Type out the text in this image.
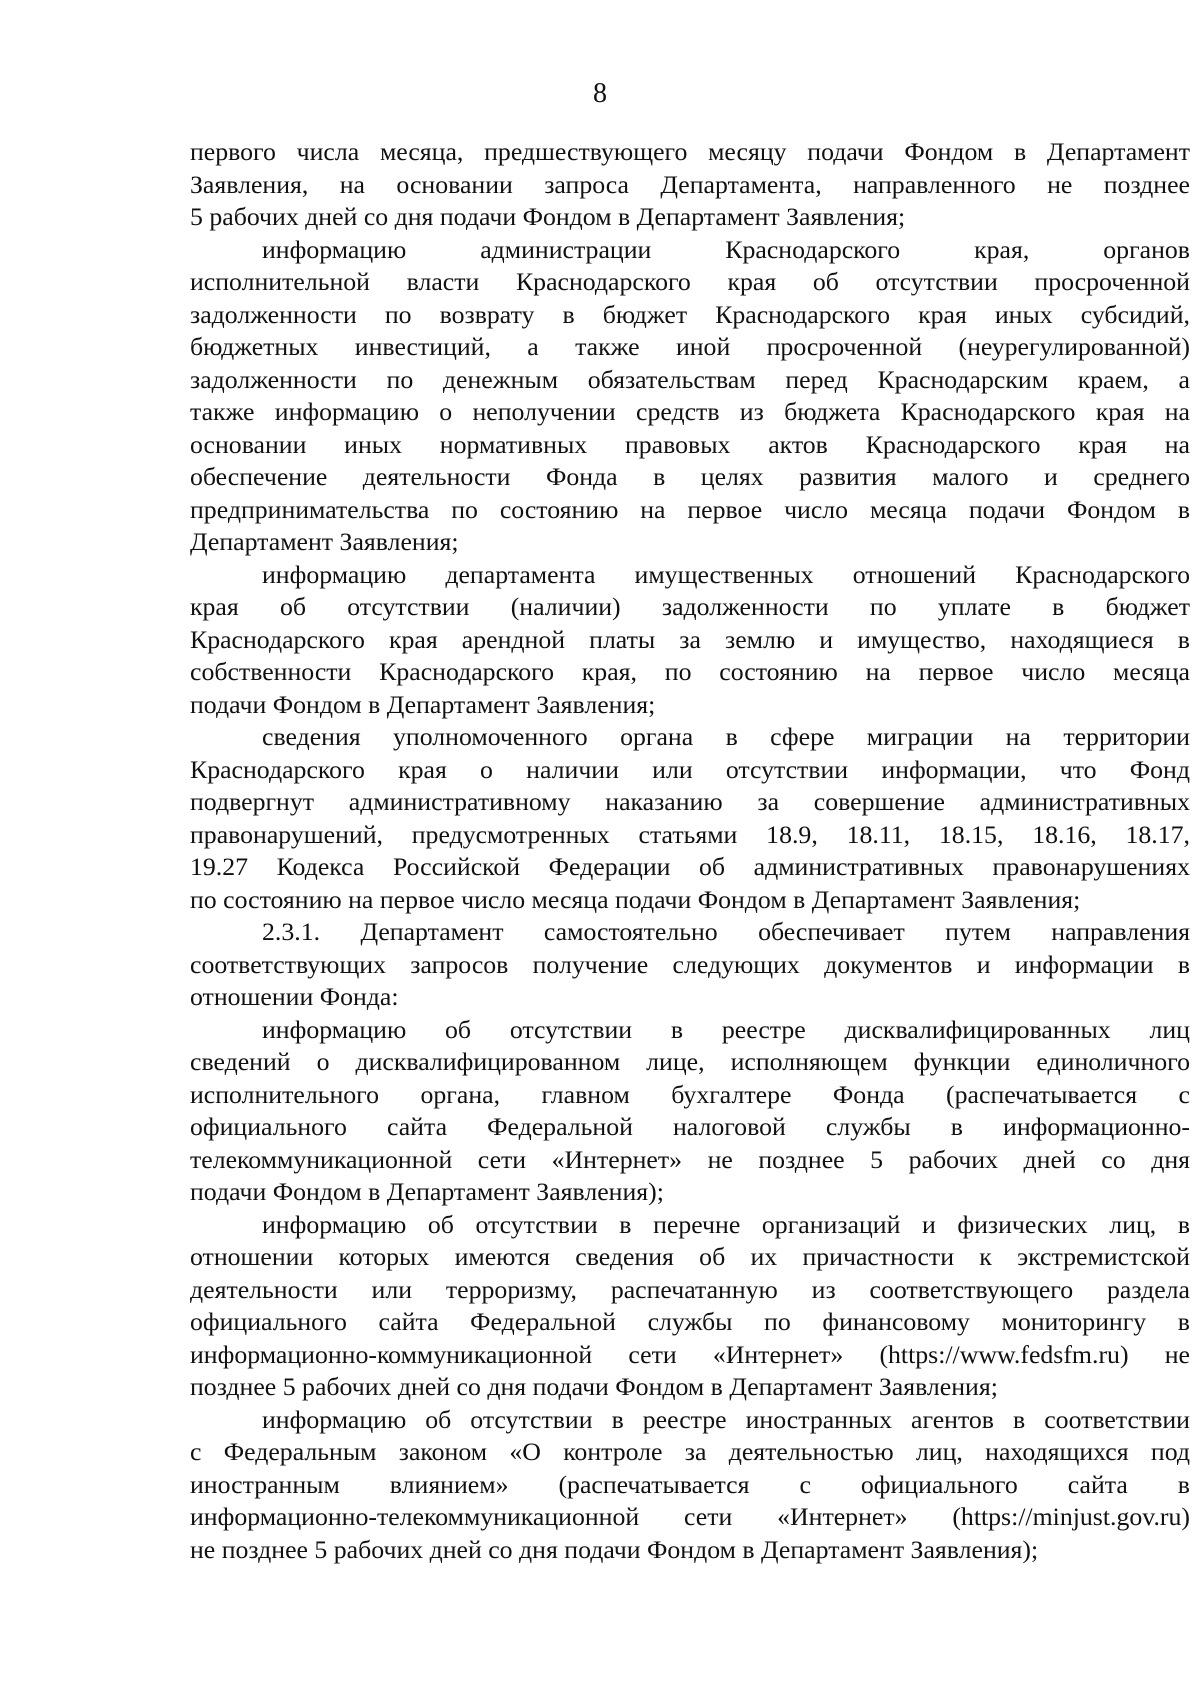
8
первого числа месяца, предшествующего месяцу подачи Фондом в Департамент
Заявления, на основании запроса Департамента, направленного не позднее
5 рабочих дней со дня подачи Фондом в Департамент Заявления;
информацию администрации Краснодарского края, органов
исполнительной власти Краснодарского края об отсутствии просроченной
задолженности по возврату в бюджет Краснодарского края иных субсидий,
бюджетных инвестиций, а также иной просроченной (неурегулированной)
задолженности по денежным обязательствам перед Краснодарским краем, а
также информацию о неполучении средств из бюджета Краснодарского края на
основании иных нормативных правовых актов Краснодарского края на
обеспечение деятельности Фонда в целях развития малого и среднего
предпринимательства по состоянию на первое число месяца подачи Фондом в
Департамент Заявления;
информацию департамента имущественных отношений Краснодарского
края об отсутствии (наличии) задолженности по уплате в бюджет
Краснодарского края арендной платы за землю и имущество, находящиеся в
собственности Краснодарского края, по состоянию на первое число месяца
подачи Фондом в Департамент Заявления;
сведения уполномоченного органа в сфере миграции на территории
Краснодарского края о наличии или отсутствии информации, что Фонд
подвергнут административному наказанию за совершение административных
правонарушений, предусмотренных статьями 18.9, 18.11, 18.15, 18.16, 18.17,
19.27 Кодекса Российской Федерации об административных правонарушениях
по состоянию на первое число месяца подачи Фондом в Департамент Заявления;
2.3.1. Департамент самостоятельно обеспечивает путем направления
соответствующих запросов получение следующих документов и информации в
отношении Фонда:
информацию об отсутствии в реестре дисквалифицированных лиц
сведений о дисквалифицированном лице, исполняющем функции единоличного
исполнительного органа, главном бухгалтере Фонда (распечатывается с
официального сайта Федеральной налоговой службы в информационно-
телекоммуникационной сети «Интернет» не позднее 5 рабочих дней со дня
подачи Фондом в Департамент Заявления);
информацию об отсутствии в перечне организаций и физических лиц, в
отношении которых имеются сведения об их причастности к экстремистской
деятельности или терроризму, распечатанную из соответствующего раздела
официального сайта Федеральной службы по финансовому мониторингу в
информационно-коммуникационной сети «Интернет» (https://www.fedsfm.ru) не
позднее 5 рабочих дней со дня подачи Фондом в Департамент Заявления;
информацию об отсутствии в реестре иностранных агентов в соответствии
с Федеральным законом «О контроле за деятельностью лиц, находящихся под
иностранным влиянием» (распечатывается с официального сайта в
информационно-телекоммуникационной сети «Интернет» (https://minjust.gov.ru)
не позднее 5 рабочих дней со дня подачи Фондом в Департамент Заявления);
